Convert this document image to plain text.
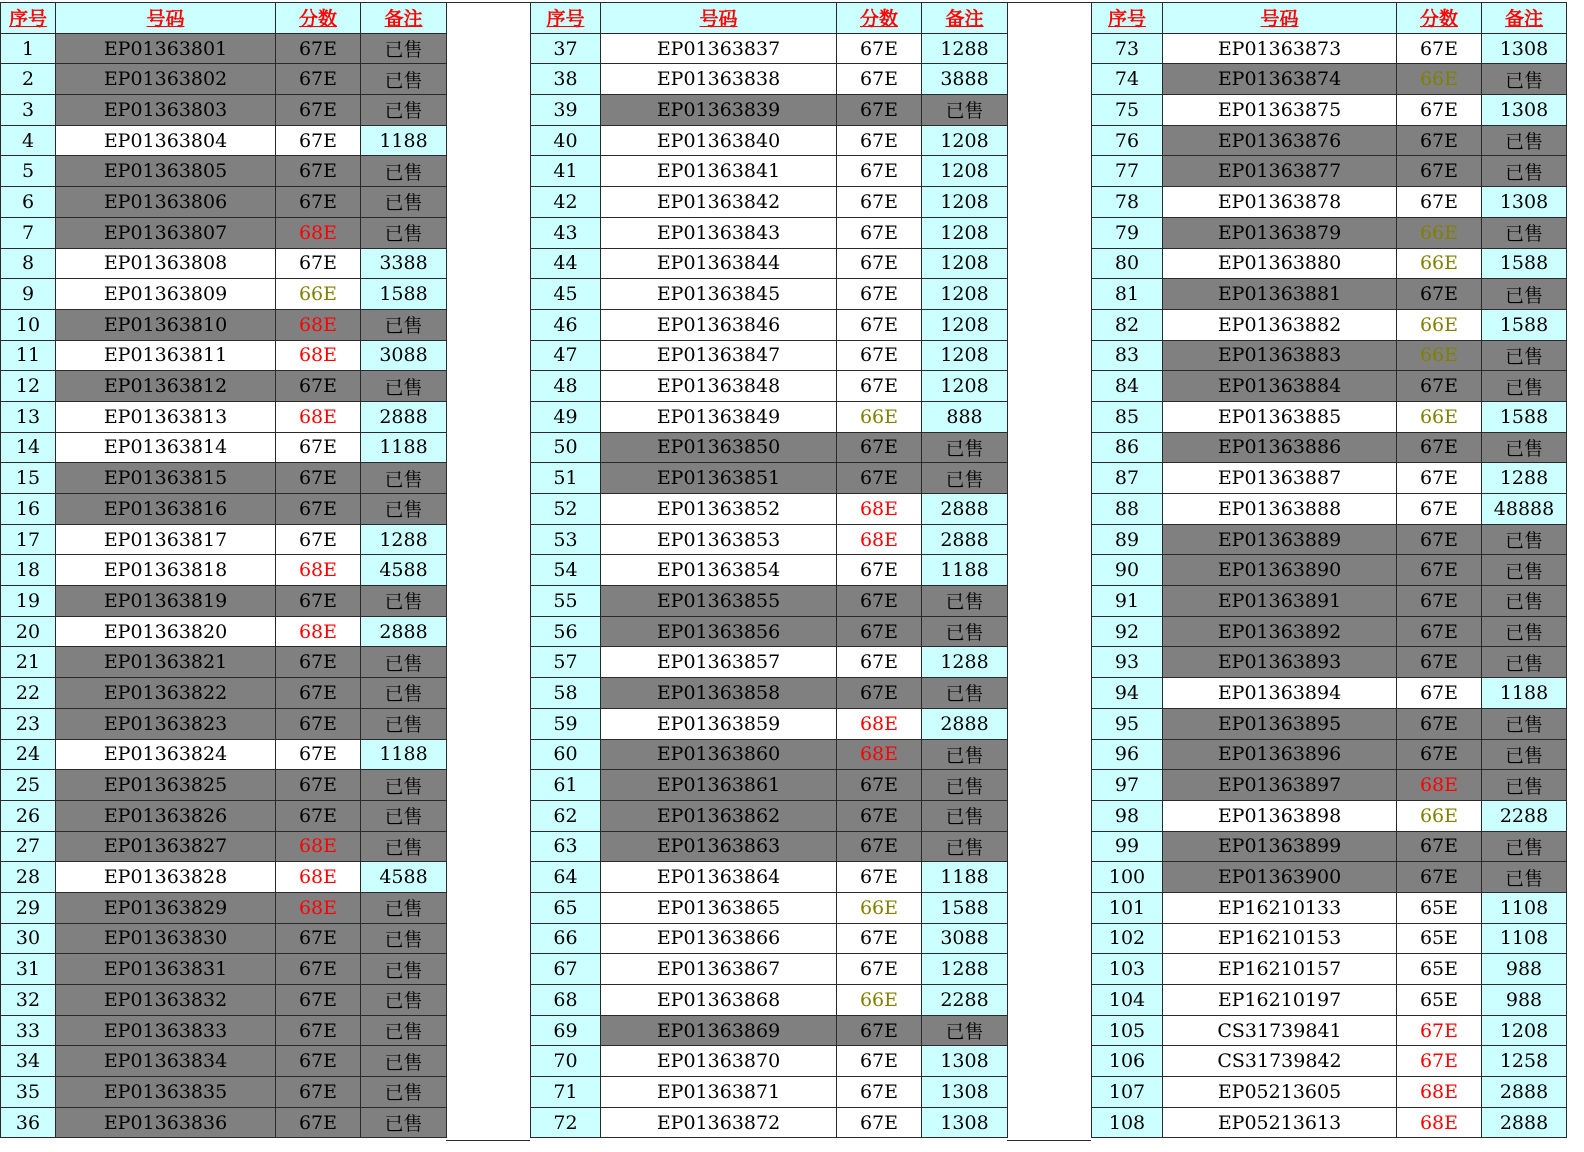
序号	号码	分数	备注
1	EP01363801	67E	已售
2	EP01363802	67E	已售
3	EP01363803	67E	已售
4	EP01363804	67E	1188
5	EP01363805	67E	已售
6	EP01363806	67E	已售
7	EP01363807	68E	已售
8	EP01363808	67E	3388
9	EP01363809	66E	1588
10	EP01363810	68E	已售
11	EP01363811	68E	3088
12	EP01363812	67E	已售
13	EP01363813	68E	2888
14	EP01363814	67E	1188
15	EP01363815	67E	已售
16	EP01363816	67E	已售
17	EP01363817	67E	1288
18	EP01363818	68E	4588
19	EP01363819	67E	已售
20	EP01363820	68E	2888
21	EP01363821	67E	已售
22	EP01363822	67E	已售
23	EP01363823	67E	已售
24	EP01363824	67E	1188
25	EP01363825	67E	已售
26	EP01363826	67E	已售
27	EP01363827	68E	已售
28	EP01363828	68E	4588
29	EP01363829	68E	已售
30	EP01363830	67E	已售
31	EP01363831	67E	已售
32	EP01363832	67E	已售
33	EP01363833	67E	已售
34	EP01363834	67E	已售
35	EP01363835	67E	已售
36	EP01363836	67E	已售
序号	号码	分数	备注
37	EP01363837	67E	1288
38	EP01363838	67E	3888
39	EP01363839	67E	已售
40	EP01363840	67E	1208
41	EP01363841	67E	1208
42	EP01363842	67E	1208
43	EP01363843	67E	1208
44	EP01363844	67E	1208
45	EP01363845	67E	1208
46	EP01363846	67E	1208
47	EP01363847	67E	1208
48	EP01363848	67E	1208
49	EP01363849	66E	888
50	EP01363850	67E	已售
51	EP01363851	67E	已售
52	EP01363852	68E	2888
53	EP01363853	68E	2888
54	EP01363854	67E	1188
55	EP01363855	67E	已售
56	EP01363856	67E	已售
57	EP01363857	67E	1288
58	EP01363858	67E	已售
59	EP01363859	68E	2888
60	EP01363860	68E	已售
61	EP01363861	67E	已售
62	EP01363862	67E	已售
63	EP01363863	67E	已售
64	EP01363864	67E	1188
65	EP01363865	66E	1588
66	EP01363866	67E	3088
67	EP01363867	67E	1288
68	EP01363868	66E	2288
69	EP01363869	67E	已售
70	EP01363870	67E	1308
71	EP01363871	67E	1308
72	EP01363872	67E	1308
序号	号码	分数	备注
73	EP01363873	67E	1308
74	EP01363874	66E	已售
75	EP01363875	67E	1308
76	EP01363876	67E	已售
77	EP01363877	67E	已售
78	EP01363878	67E	1308
79	EP01363879	66E	已售
80	EP01363880	66E	1588
81	EP01363881	67E	已售
82	EP01363882	66E	1588
83	EP01363883	66E	已售
84	EP01363884	67E	已售
85	EP01363885	66E	1588
86	EP01363886	67E	已售
87	EP01363887	67E	1288
88	EP01363888	67E	48888
89	EP01363889	67E	已售
90	EP01363890	67E	已售
91	EP01363891	67E	已售
92	EP01363892	67E	已售
93	EP01363893	67E	已售
94	EP01363894	67E	1188
95	EP01363895	67E	已售
96	EP01363896	67E	已售
97	EP01363897	68E	已售
98	EP01363898	66E	2288
99	EP01363899	67E	已售
100	EP01363900	67E	已售
101	EP16210133	65E	1108
102	EP16210153	65E	1108
103	EP16210157	65E	988
104	EP16210197	65E	988
105	CS31739841	67E	1208
106	CS31739842	67E	1258
107	EP05213605	68E	2888
108	EP05213613	68E	2888
